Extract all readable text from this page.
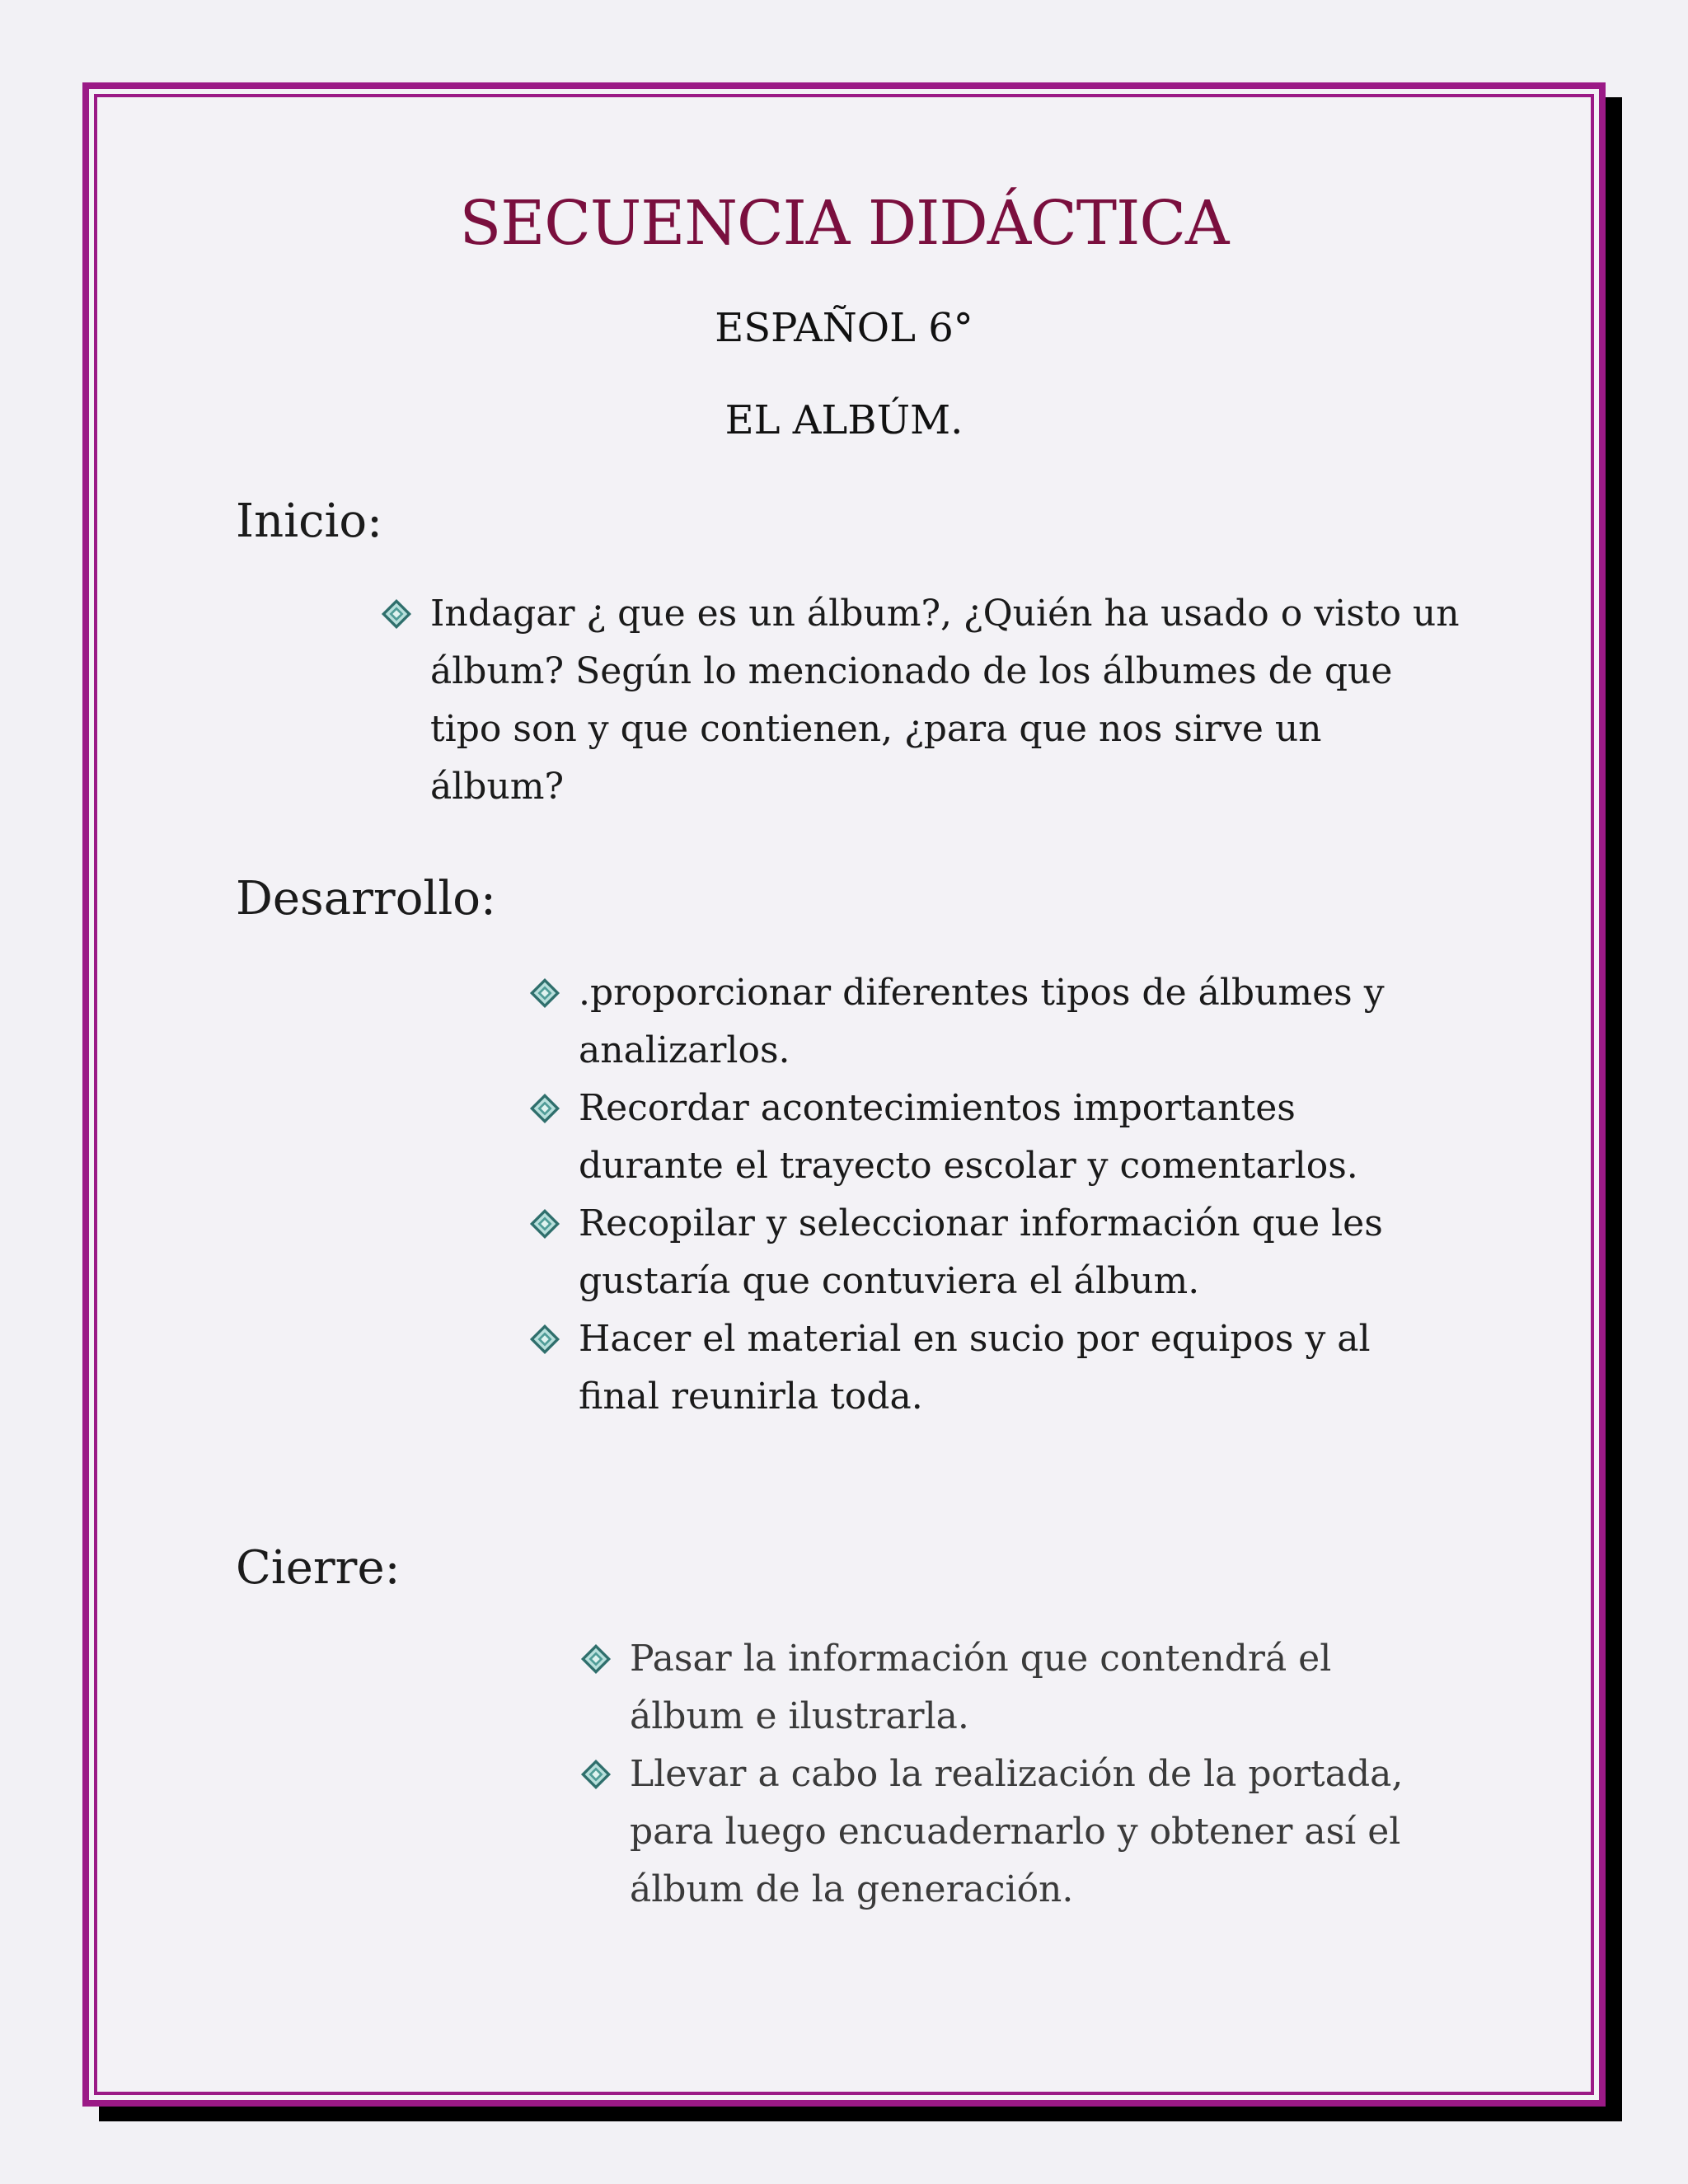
SECUENCIA DIDÁCTICA

ESPAÑOL 6°

EL ALBÚM.

Inicio:
Indagar ¿ que es un álbum?, ¿Quién ha usado o visto un álbum? Según lo mencionado de los álbumes de que tipo son y que contienen, ¿para que nos sirve un álbum?
Desarrollo:
.proporcionar diferentes tipos de álbumes y analizarlos.
Recordar acontecimientos importantes durante el trayecto escolar y comentarlos.
Recopilar y seleccionar información que les gustaría que contuviera el álbum.
Hacer el material en sucio por equipos y al final reunirla toda.
Cierre:
Pasar la información que contendrá el álbum e ilustrarla.
Llevar a cabo la realización de la portada, para luego encuadernarlo y obtener así el álbum de la generación.
